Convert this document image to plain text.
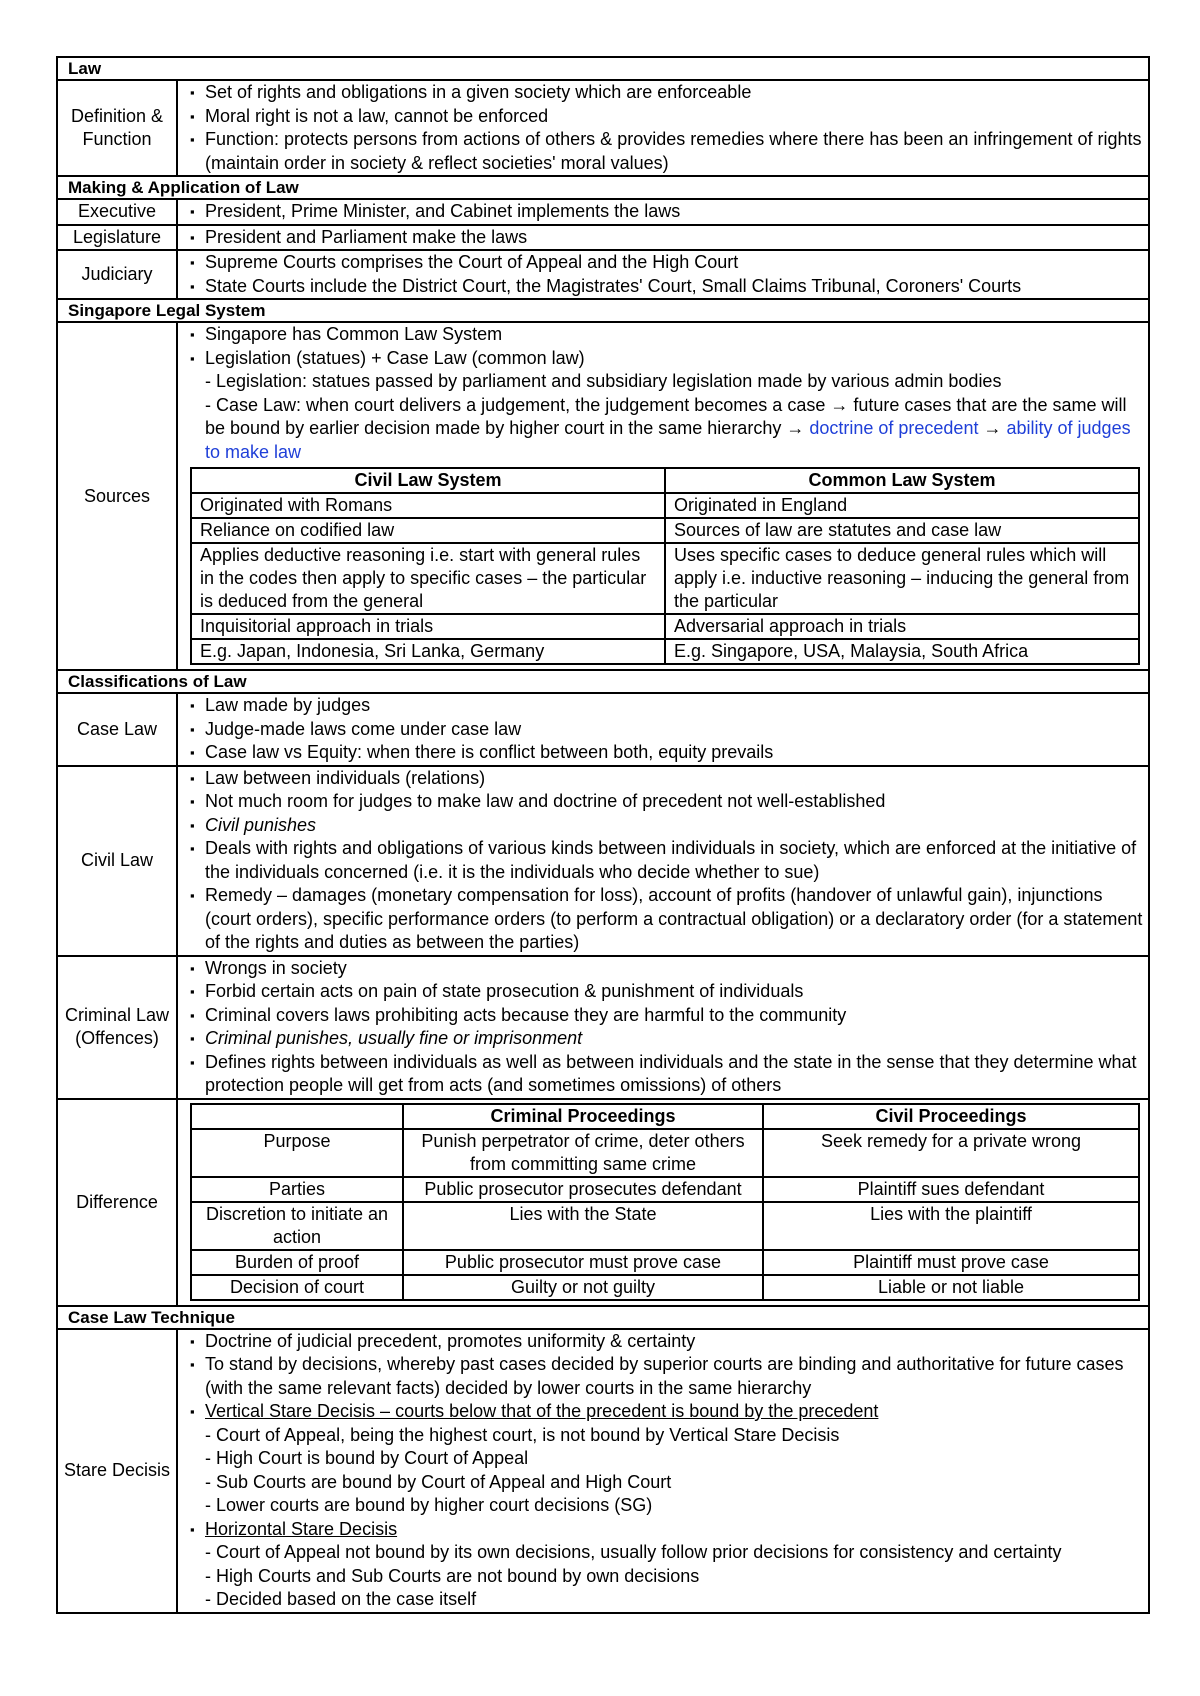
Law
Definition & Function	
▪ Set of rights and obligations in a given society which are enforceable
▪ Moral right is not a law, cannot be enforced
▪ Function: protects persons from actions of others & provides remedies where there has been an infringement of rights (maintain order in society & reflect societies' moral values)

Making & Application of Law
Executive	
▪President, Prime Minister, and Cabinet implements the laws

Legislature	
▪President and Parliament make the laws

Judiciary	
▪ Supreme Courts comprises the Court of Appeal and the High Court
▪ State Courts include the District Court, the Magistrates' Court, Small Claims Tribunal, Coroners' Courts

Singapore Legal System
Sources	
▪ Singapore has Common Law System
▪ Legislation (statues) + Case Law (common law)
- Legislation: statues passed by parliament and subsidiary legislation made by various admin bodies
- Case Law: when court delivers a judgement, the judgement becomes a case → future cases that are the same will be bound by earlier decision made by higher court in the same hierarchy → doctrine of precedent → ability of judges to make law
Civil Law System	Common Law System
Originated with Romans	Originated in England
Reliance on codified law	Sources of law are statutes and case law
Applies deductive reasoning i.e. start with general rules in the codes then apply to specific cases – the particular is deduced from the general	Uses specific cases to deduce general rules which will apply i.e. inductive reasoning – inducing the general from the particular
Inquisitorial approach in trials	Adversarial approach in trials
E.g. Japan, Indonesia, Sri Lanka, Germany	E.g. Singapore, USA, Malaysia, South Africa

Classifications of Law
Case Law	
▪ Law made by judges
▪ Judge-made laws come under case law
▪ Case law vs Equity: when there is conflict between both, equity prevails

Civil Law	
▪ Law between individuals (relations)
▪ Not much room for judges to make law and doctrine of precedent not well-established
▪ Civil punishes
▪ Deals with rights and obligations of various kinds between individuals in society, which are enforced at the initiative of the individuals concerned (i.e. it is the individuals who decide whether to sue)
▪ Remedy – damages (monetary compensation for loss), account of profits (handover of unlawful gain), injunctions (court orders), specific performance orders (to perform a contractual obligation) or a declaratory order (for a statement of the rights and duties as between the parties)

Criminal Law (Offences)	
▪ Wrongs in society
▪ Forbid certain acts on pain of state prosecution & punishment of individuals
▪ Criminal covers laws prohibiting acts because they are harmful to the community
▪ Criminal punishes, usually fine or imprisonment
▪ Defines rights between individuals as well as between individuals and the state in the sense that they determine what protection people will get from acts (and sometimes omissions) of others

Difference	
	Criminal Proceedings	Civil Proceedings
Purpose	Punish perpetrator of crime, deter others from committing same crime	Seek remedy for a private wrong
Parties	Public prosecutor prosecutes defendant	Plaintiff sues defendant
Discretion to initiate an action	Lies with the State	Lies with the plaintiff
Burden of proof	Public prosecutor must prove case	Plaintiff must prove case
Decision of court	Guilty or not guilty	Liable or not liable

Case Law Technique
Stare Decisis	
▪ Doctrine of judicial precedent, promotes uniformity & certainty
▪ To stand by decisions, whereby past cases decided by superior courts are binding and authoritative for future cases (with the same relevant facts) decided by lower courts in the same hierarchy
▪ Vertical Stare Decisis – courts below that of the precedent is bound by the precedent
- Court of Appeal, being the highest court, is not bound by Vertical Stare Decisis
- High Court is bound by Court of Appeal
- Sub Courts are bound by Court of Appeal and High Court
- Lower courts are bound by higher court decisions (SG)
▪ Horizontal Stare Decisis
- Court of Appeal not bound by its own decisions, usually follow prior decisions for consistency and certainty
- High Courts and Sub Courts are not bound by own decisions
- Decided based on the case itself
